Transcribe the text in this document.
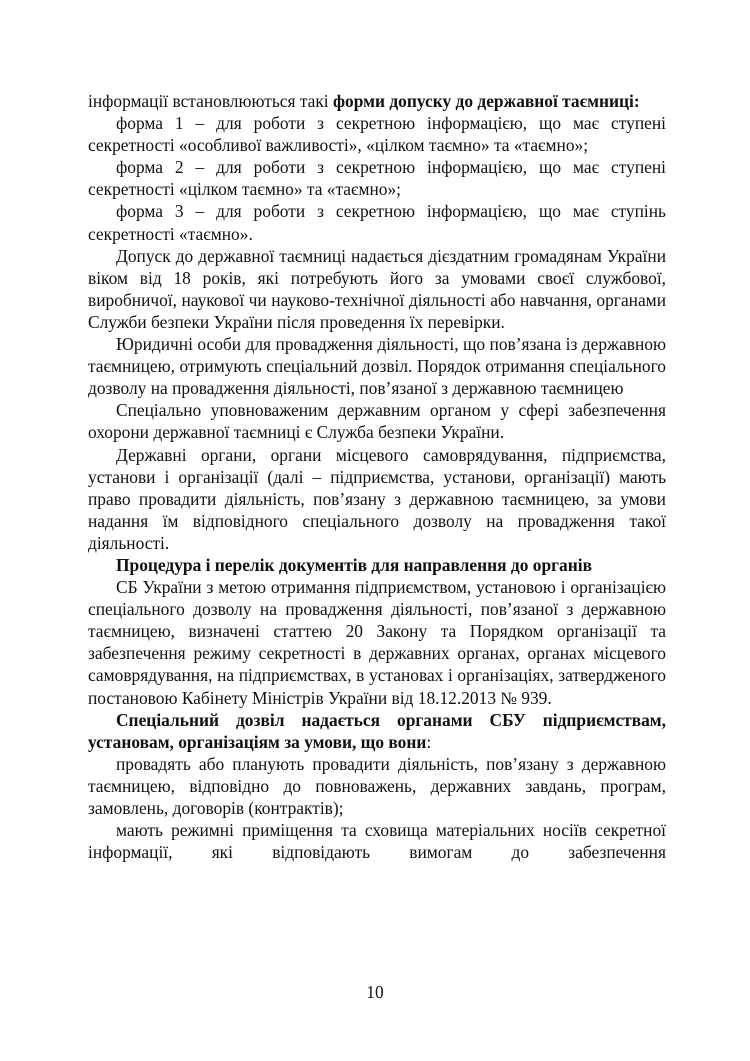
інформації встановлюються такі форми допуску до державної таємниці:

форма 1 – для роботи з секретною інформацією, що має ступені секретності «особливої важливості», «цілком таємно» та «таємно»;

форма 2 – для роботи з секретною інформацією, що має ступені секретності «цілком таємно» та «таємно»;

форма 3 – для роботи з секретною інформацією, що має ступінь секретності «таємно».

Допуск до державної таємниці надається дієздатним громадянам України віком від 18 років, які потребують його за умовами своєї службової, виробничої, наукової чи науково-технічної діяльності або навчання, органами Служби безпеки України після проведення їх перевірки.

Юридичні особи для провадження діяльності, що пов’язана із державною таємницею, отримують спеціальний дозвіл. Порядок отримання спеціального дозволу на провадження діяльності, пов’язаної з державною таємницею

Спеціально уповноваженим державним органом у сфері забезпечення охорони державної таємниці є Служба безпеки України.

Державні органи, органи місцевого самоврядування, підприємства, установи і організації (далі – підприємства, установи, організації) мають право провадити діяльність, пов’язану з державною таємницею, за умови надання їм відповідного спеціального дозволу на провадження такої діяльності.

Процедура і перелік документів для направлення до органів

СБ України з метою отримання підприємством, установою і організацією спеціального дозволу на провадження діяльності, пов’язаної з державною таємницею, визначені статтею 20 Закону та Порядком організації та забезпечення режиму секретності в державних органах, органах місцевого самоврядування, на підприємствах, в установах і організаціях, затвердженого постановою Кабінету Міністрів України від 18.12.2013 № 939.

Спеціальний дозвіл надається органами СБУ підприємствам, установам, організаціям за умови, що вони:

провадять або планують провадити діяльність, пов’язану з державною таємницею, відповідно до повноважень, державних завдань, програм, замовлень, договорів (контрактів);

мають режимні приміщення та сховища матеріальних носіїв секретної інформації, які відповідають вимогам до забезпечення

10
